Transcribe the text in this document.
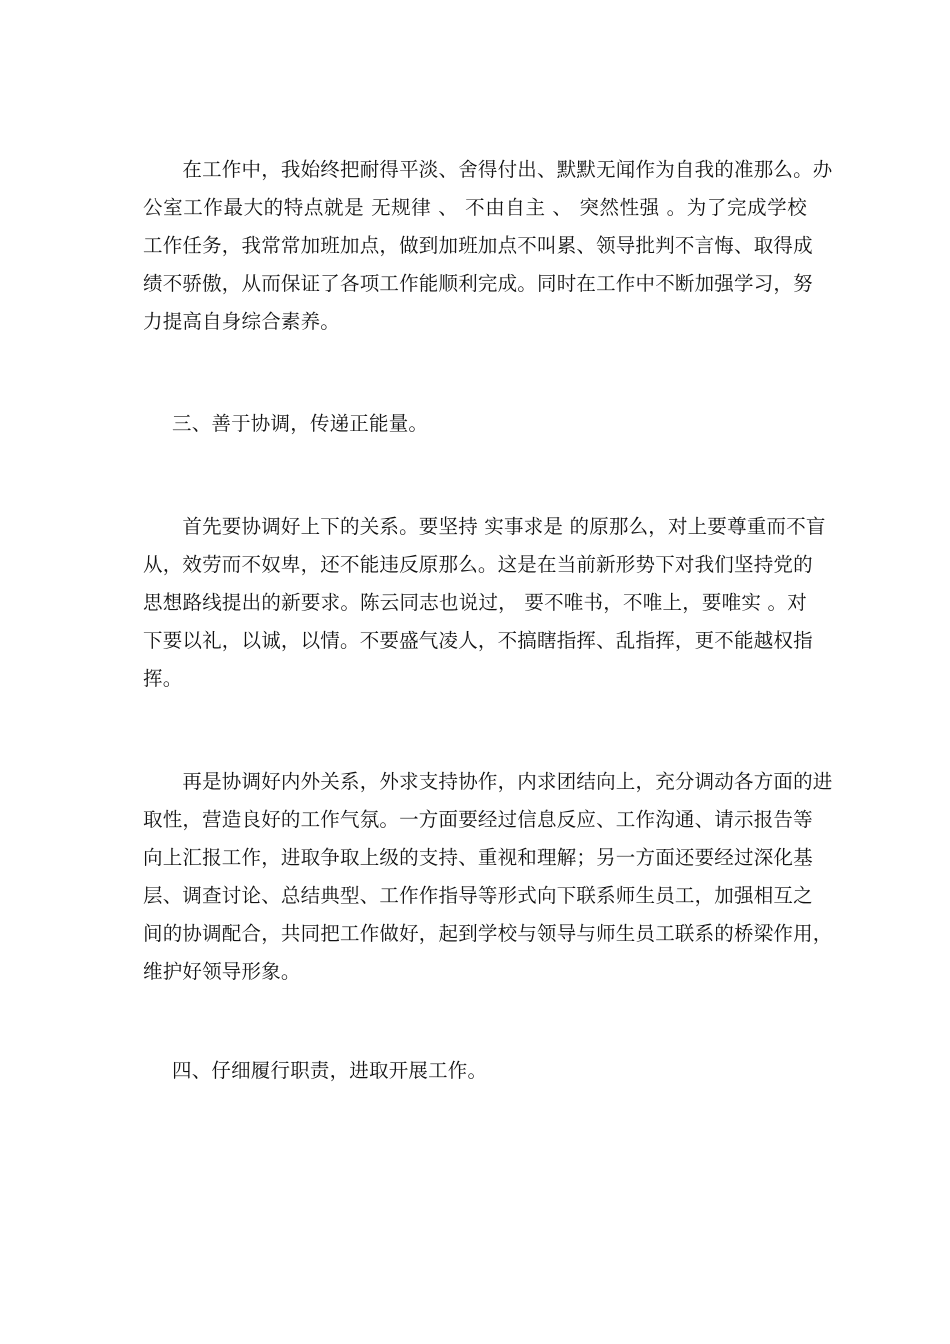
　　在工作中，我始终把耐得平淡、舍得付出、默默无闻作为自我的准那么。办
公室工作最大的特点就是 无规律 、 不由自主 、 突然性强 。为了完成学校
工作任务，我常常加班加点，做到加班加点不叫累、领导批判不言悔、取得成
绩不骄傲，从而保证了各项工作能顺利完成。同时在工作中不断加强学习，努
力提高自身综合素养。

三、善于协调，传递正能量。

　　首先要协调好上下的关系。要坚持 实事求是 的原那么，对上要尊重而不盲
从，效劳而不奴卑，还不能违反原那么。这是在当前新形势下对我们坚持党的
思想路线提出的新要求。陈云同志也说过， 要不唯书，不唯上，要唯实 。对
下要以礼，以诚，以情。不要盛气凌人，不搞瞎指挥、乱指挥，更不能越权指
挥。

　　再是协调好内外关系，外求支持协作，内求团结向上，充分调动各方面的进
取性，营造良好的工作气氛。一方面要经过信息反应、工作沟通、请示报告等
向上汇报工作，进取争取上级的支持、重视和理解；另一方面还要经过深化基
层、调查讨论、总结典型、工作作指导等形式向下联系师生员工，加强相互之
间的协调配合，共同把工作做好，起到学校与领导与师生员工联系的桥梁作用，
维护好领导形象。

四、仔细履行职责，进取开展工作。
